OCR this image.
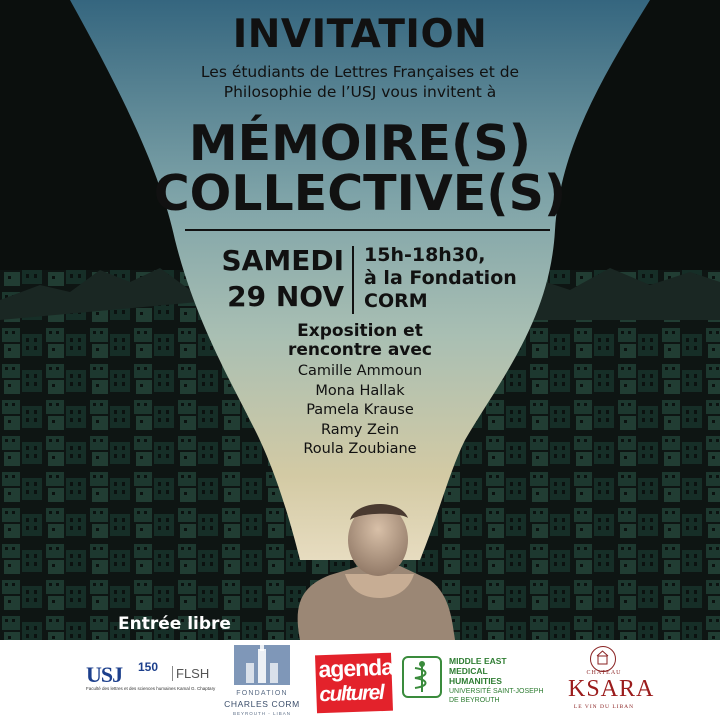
INVITATION
Les étudiants de Lettres Françaises et de
Philosophie de l’USJ vous invitent à
MÉMOIRE(S)
COLLECTIVE(S)
SAMEDI
29 NOV
15h-18h30,
à la Fondation
CORM
Exposition et
rencontre avec
Camille Ammoun
Mona Hallak
Pamela Krause
Ramy Zein
Roula Zoubiane
Entrée libre
USJ 150	FLSH
Faculté des lettres et des sciences humaines Kamal G. Chaptary
FONDATION
CHARLES CORM
BEYROUTH - LIBAN
agenda
culturel
MIDDLE EAST
MEDICAL
HUMANITIES
UNIVERSITÉ SAINT-JOSEPH
DE BEYROUTH
CHATEAU
KSARA
LE VIN DU LIBAN
